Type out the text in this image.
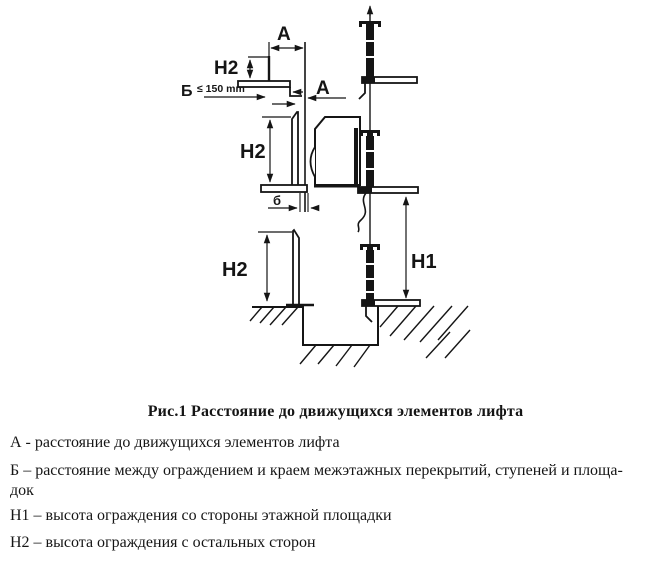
А
Н2
Б ≤ 150 mm	А
Н2
б
Н1
Н2
Рис.1 Расстояние до движущихся элементов лифта
А - расстояние до движущихся элементов лифта
Б – расстояние между ограждением и краем межэтажных перекрытий, ступеней и площа-
док
Н1 – высота ограждения со стороны этажной площадки
Н2 – высота ограждения с остальных сторон
